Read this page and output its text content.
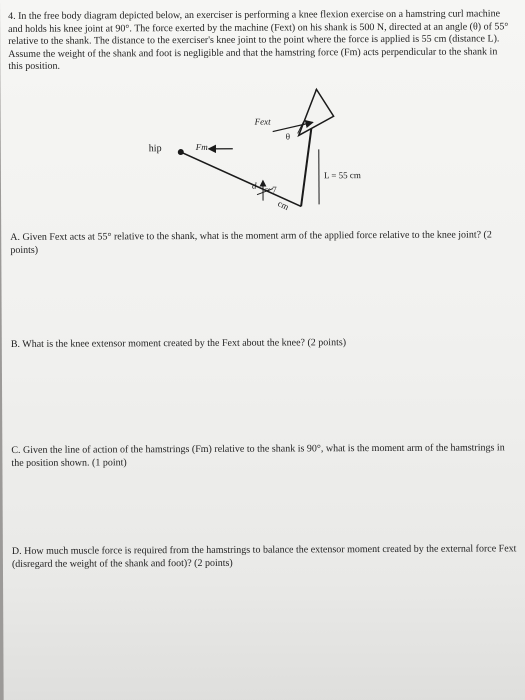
4. In the free body diagram depicted below, an exerciser is performing a knee flexion exercise on a hamstring curl machine and holds his knee joint at 90°. The force exerted by the machine (Fext) on his shank is 500 N, directed at an angle (θ) of 55° relative to the shank. The distance to the exerciser's knee joint to the point where the force is applied is 55 cm (distance L). Assume the weight of the shank and foot is negligible and that the hamstring force (Fm) acts perpendicular to the shank in this position.
Fext
θ
hip	Fm
L = 55 cm
d ≈ 7
cm
A. Given Fext acts at 55° relative to the shank, what is the moment arm of the applied force relative to the knee joint? (2 points)
B. What is the knee extensor moment created by the Fext about the knee? (2 points)
C. Given the line of action of the hamstrings (Fm) relative to the shank is 90°, what is the moment arm of the hamstrings in the position shown. (1 point)
D. How much muscle force is required from the hamstrings to balance the extensor moment created by the external force Fext (disregard the weight of the shank and foot)? (2 points)
